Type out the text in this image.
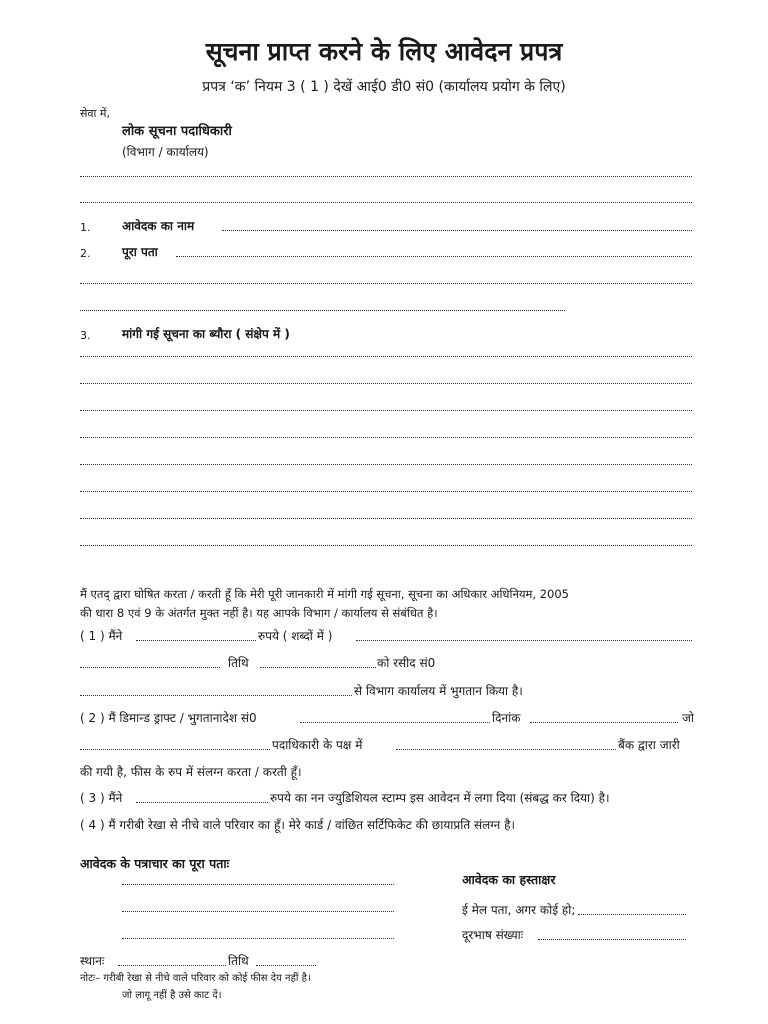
सूचना प्राप्त करने के लिए आवेदन प्रपत्र
प्रपत्र ‘क’ नियम 3 ( 1 ) देखें आई0 डी0 सं0 (कार्यालय प्रयोग के लिए)
सेवा में,
लोक सूचना पदाधिकारी
(विभाग / कार्यालय)
1.	आवेदक का नाम
2.	पूरा पता
3.	मांगी गई सूचना का ब्यौरा ( संक्षेप में )
मैं एतद् द्वारा घोषित करता / करती हूँ कि मेरी पूरी जानकारी में मांगी गई सूचना, सूचना का अधिकार अधिनियम, 2005
की धारा 8 एवं 9 के अंतर्गत मुक्त नहीं है। यह आपके विभाग / कार्यालय से संबंधित है।
( 1 ) मैंने	रुपये ( शब्दों में )
तिथि	को रसीद सं0
से विभाग कार्यालय में भुगतान किया है।
( 2 ) मैं डिमान्ड ड्राफ्ट / भुगतानादेश सं0	दिनांक	जो
पदाधिकारी के पक्ष में	बैंक द्वारा जारी
की गयी है, फीस के रुप में संलग्न करता / करती हूँ।
( 3 ) मैंने	रुपये का नन ज्युडिशियल स्टाम्प इस आवेदन में लगा दिया (संबद्ध कर दिया) है।
( 4 ) मैं गरीबी रेखा से नीचे वाले परिवार का हूँ। मेरे कार्ड / वांछित सर्टिफिकेट की छायाप्रति संलग्न है।
आवेदक के पत्राचार का पूरा पताः
आवेदक का हस्ताक्षर
ई मेल पता, अगर कोई हो;
दूरभाष संख्याः
स्थानः	तिथि
नोटः– गरीबी रेखा से नीचे वाले परिवार को कोई फीस देय नहीं है।
जो लागू नहीं है उसे काट दें।
